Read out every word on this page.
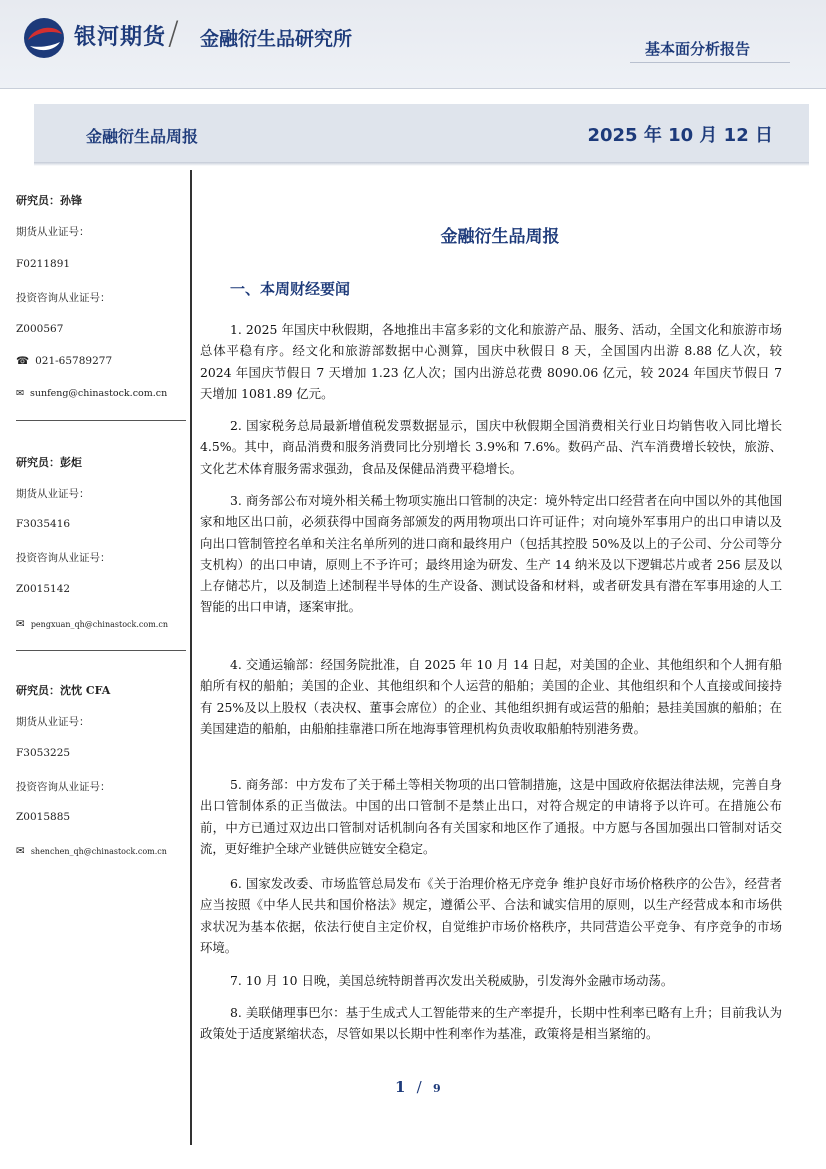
银河期货 / 金融衍生品研究所	基本面分析报告
金融衍生品周报	2025 年 10 月 12 日
研究员：孙锋
期货从业证号：
F0211891
投资咨询从业证号：
Z000567
☎ 021-65789277
✉ sunfeng@chinastock.com.cn
研究员：彭炬
期货从业证号：
F3035416
投资咨询从业证号：
Z0015142
✉ pengxuan_qh@chinastock.com.cn
研究员：沈忱 CFA
期货从业证号：
F3053225
投资咨询从业证号：
Z0015885
✉ shenchen_qh@chinastock.com.cn
金融衍生品周报
一、本周财经要闻

1. 2025 年国庆中秋假期，各地推出丰富多彩的文化和旅游产品、服务、活动，全国文化和旅游市场总体平稳有序。经文化和旅游部数据中心测算，国庆中秋假日 8 天，全国国内出游 8.88 亿人次，较 2024 年国庆节假日 7 天增加 1.23 亿人次；国内出游总花费 8090.06 亿元，较 2024 年国庆节假日 7 天增加 1081.89 亿元。

2. 国家税务总局最新增值税发票数据显示，国庆中秋假期全国消费相关行业日均销售收入同比增长 4.5%。其中，商品消费和服务消费同比分别增长 3.9%和 7.6%。数码产品、汽车消费增长较快，旅游、文化艺术体育服务需求强劲，食品及保健品消费平稳增长。

3. 商务部公布对境外相关稀土物项实施出口管制的决定：境外特定出口经营者在向中国以外的其他国家和地区出口前，必须获得中国商务部颁发的两用物项出口许可证件；对向境外军事用户的出口申请以及向出口管制管控名单和关注名单所列的进口商和最终用户（包括其控股 50%及以上的子公司、分公司等分支机构）的出口申请，原则上不予许可；最终用途为研发、生产 14 纳米及以下逻辑芯片或者 256 层及以上存储芯片，以及制造上述制程半导体的生产设备、测试设备和材料，或者研发具有潜在军事用途的人工智能的出口申请，逐案审批。

4. 交通运输部：经国务院批准，自 2025 年 10 月 14 日起，对美国的企业、其他组织和个人拥有船舶所有权的船舶；美国的企业、其他组织和个人运营的船舶；美国的企业、其他组织和个人直接或间接持有 25%及以上股权（表决权、董事会席位）的企业、其他组织拥有或运营的船舶；悬挂美国旗的船舶；在美国建造的船舶，由船舶挂靠港口所在地海事管理机构负责收取船舶特别港务费。

5. 商务部：中方发布了关于稀土等相关物项的出口管制措施，这是中国政府依据法律法规，完善自身出口管制体系的正当做法。中国的出口管制不是禁止出口，对符合规定的申请将予以许可。在措施公布前，中方已通过双边出口管制对话机制向各有关国家和地区作了通报。中方愿与各国加强出口管制对话交流，更好维护全球产业链供应链安全稳定。

6. 国家发改委、市场监管总局发布《关于治理价格无序竞争 维护良好市场价格秩序的公告》，经营者应当按照《中华人民共和国价格法》规定，遵循公平、合法和诚实信用的原则，以生产经营成本和市场供求状况为基本依据，依法行使自主定价权，自觉维护市场价格秩序，共同营造公平竞争、有序竞争的市场环境。

7. 10 月 10 日晚，美国总统特朗普再次发出关税威胁，引发海外金融市场动荡。

8. 美联储理事巴尔：基于生成式人工智能带来的生产率提升，长期中性利率已略有上升；目前我认为政策处于适度紧缩状态，尽管如果以长期中性利率作为基准，政策将是相当紧缩的。

1 / 9
